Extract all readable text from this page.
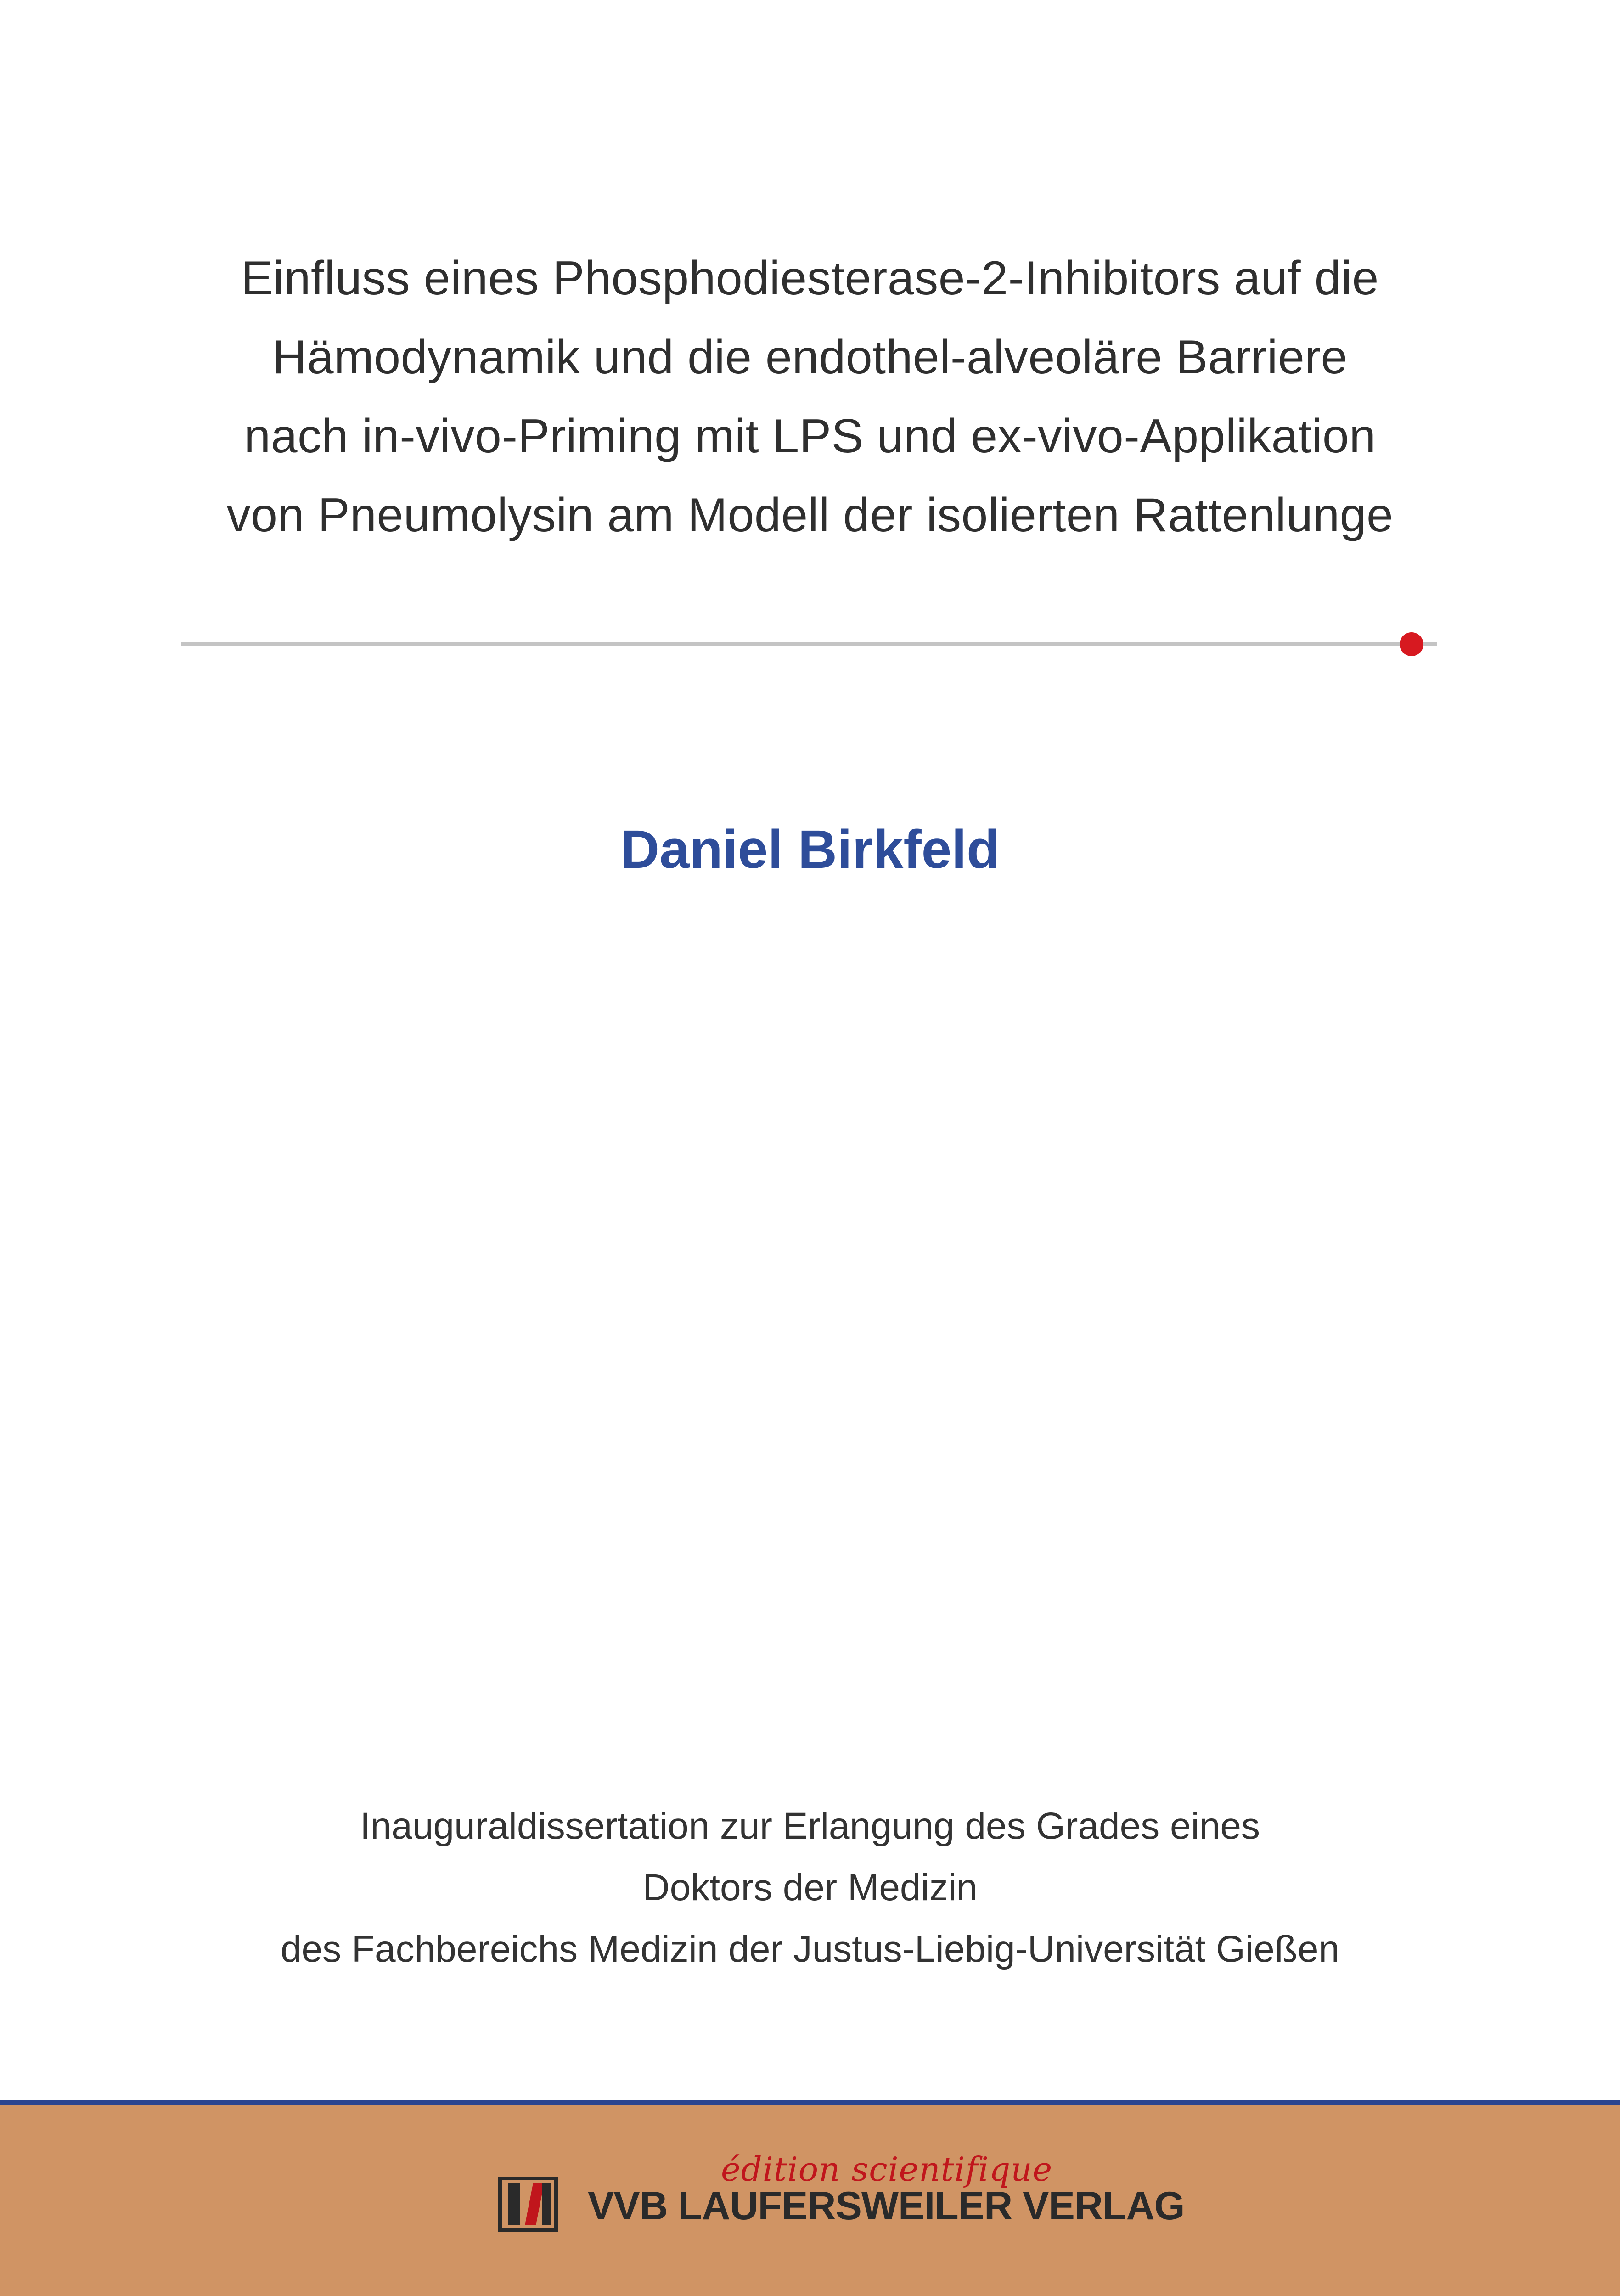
Einfluss eines Phosphodiesterase-2-Inhibitors auf die
Hämodynamik und die endothel-alveoläre Barriere
nach in-vivo-Priming mit LPS und ex-vivo-Applikation
von Pneumolysin am Modell der isolierten Rattenlunge
Daniel Birkfeld
Inauguraldissertation zur Erlangung des Grades eines
Doktors der Medizin
des Fachbereichs Medizin der Justus-Liebig-Universität Gießen
édition scientifique
VVB LAUFERSWEILER VERLAG
